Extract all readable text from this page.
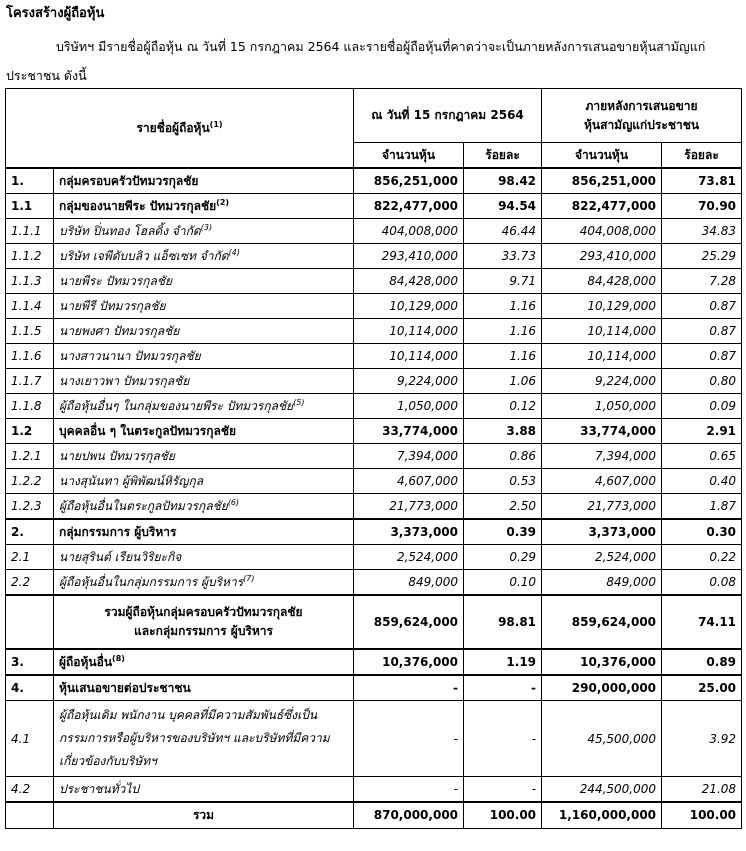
โครงสร้างผู้ถือหุ้น
บริษัทฯ มีรายชื่อผู้ถือหุ้น ณ วันที่ 15 กรกฎาคม 2564 และรายชื่อผู้ถือหุ้นที่คาดว่าจะเป็นภายหลังการเสนอขายหุ้นสามัญแก่ประชาชน ดังนี้
รายชื่อผู้ถือหุ้น$^{(1)}$		ณ วันที่ 15 กรกฎาคม 2564		ภายหลังการเสนอขาย
หุ้นสามัญแก่ประชาชน	

		จำนวนหุ้น	ร้อยละ	จำนวนหุ้น	ร้อยละ
1.	กลุ่มครอบครัวปัทมวรกุลชัย	856,251,000	98.42	856,251,000	73.81
1.1	กลุ่มของนายพีระ ปัทมวรกุลชัย$^{(2)}$	822,477,000	94.54	822,477,000	70.90
1.1.1	บริษัท ปิ่นทอง โฮลดิ้ง จำกัด$^{(3)}$	404,008,000	46.44	404,008,000	34.83
1.1.2	บริษัท เจพีดับบลิว แอ็ซเซท จำกัด$^{(4)}$	293,410,000	33.73	293,410,000	25.29
1.1.3	นายพีระ ปัทมวรกุลชัย	84,428,000	9.71	84,428,000	7.28
1.1.4	นายพีรี ปัทมวรกุลชัย	10,129,000	1.16	10,129,000	0.87
1.1.5	นายพงศา ปัทมวรกุลชัย	10,114,000	1.16	10,114,000	0.87
1.1.6	นางสาวนานา ปัทมวรกุลชัย	10,114,000	1.16	10,114,000	0.87
1.1.7	นางเยาวพา ปัทมวรกุลชัย	9,224,000	1.06	9,224,000	0.80
1.1.8	ผู้ถือหุ้นอื่นๆ ในกลุ่มของนายพีระ ปัทมวรกุลชัย$^{(5)}$	1,050,000	0.12	1,050,000	0.09
1.2	บุคคลอื่น ๆ ในตระกูลปัทมวรกุลชัย	33,774,000	3.88	33,774,000	2.91
1.2.1	นายปพน ปัทมวรกุลชัย	7,394,000	0.86	7,394,000	0.65
1.2.2	นางสุนันทา ผู้พิพัฒน์หิรัญกุล	4,607,000	0.53	4,607,000	0.40
1.2.3	ผู้ถือหุ้นอื่นในตระกูลปัทมวรกุลชัย$^{(6)}$	21,773,000	2.50	21,773,000	1.87
2.	กลุ่มกรรมการ ผู้บริหาร	3,373,000	0.39	3,373,000	0.30
2.1	นายสุรินต์ เรียนวิริยะกิจ	2,524,000	0.29	2,524,000	0.22
2.2	ผู้ถือหุ้นอื่นในกลุ่มกรรมการ ผู้บริหาร$^{(7)}$	849,000	0.10	849,000	0.08

	รวมผู้ถือหุ้นกลุ่มครอบครัวปัทมวรกุลชัย
และกลุ่มกรรมการ ผู้บริหาร	859,624,000	98.81	859,624,000	74.11
3.	ผู้ถือหุ้นอื่น$^{(8)}$	10,376,000	1.19	10,376,000	0.89
4.	หุ้นเสนอขายต่อประชาชน	-	-	290,000,000	25.00
4.1	ผู้ถือหุ้นเดิม พนักงาน บุคคลที่มีความสัมพันธ์ซึ่งเป็นกรรมการหรือผู้บริหารของบริษัทฯ และบริษัทที่มีความเกี่ยวข้องกับบริษัทฯ	-	-	45,500,000	3.92
4.2	ประชาชนทั่วไป	-	-	244,500,000	21.08
	รวม	870,000,000	100.00	1,160,000,000	100.00
